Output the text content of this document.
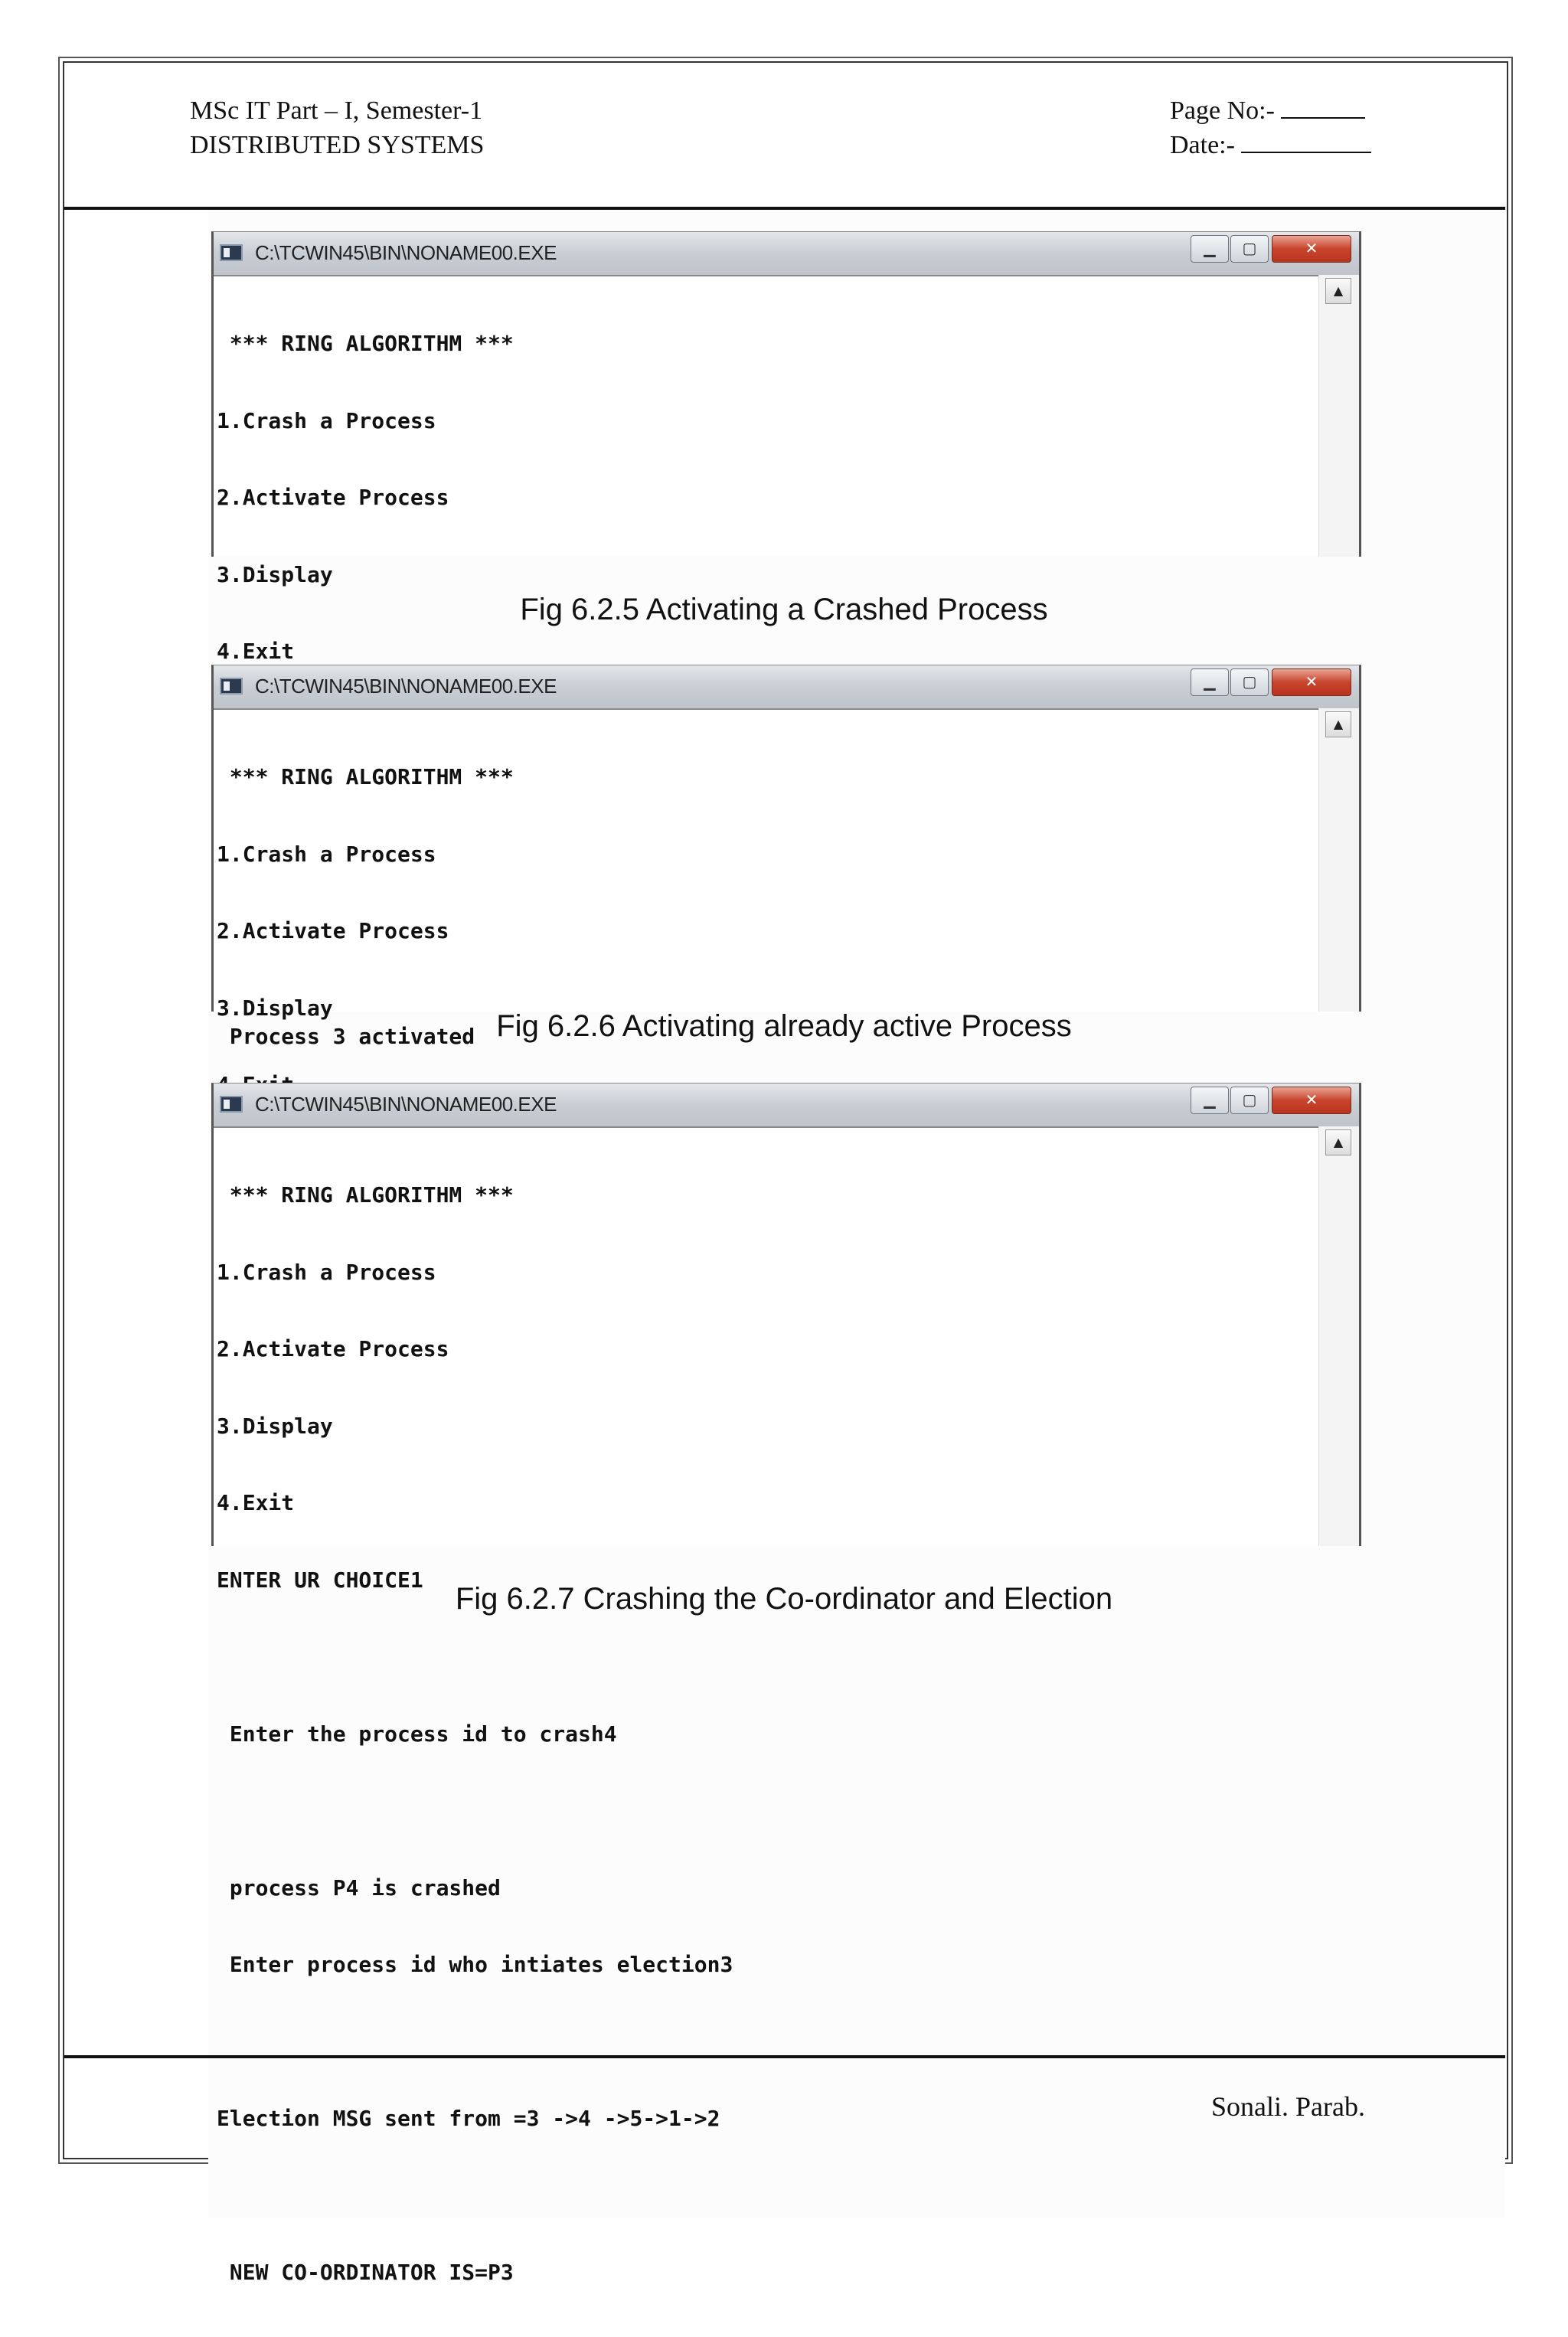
MSc IT Part – I, Semester-1
DISTRIBUTED SYSTEMS
Page No:-
Date:-
C:\TCWIN45\BIN\NONAME00.EXE	▁	▢	✕

*** RING ALGORITHM ***

1.Crash a Process

2.Activate Process

3.Display

4.Exit

Process 3 activated

▲
Fig 6.2.5 Activating a Crashed Process
C:\TCWIN45\BIN\NONAME00.EXE	▁	▢	✕

*** RING ALGORITHM ***

1.Crash a Process

2.Activate Process

3.Display

▲
Fig 6.2.6 Activating already active Process
C:\TCWIN45\BIN\NONAME00.EXE	▁	▢	✕

*** RING ALGORITHM ***

1.Crash a Process

2.Activate Process

3.Display

4.Exit

ENTER UR CHOICE1

Enter the process id to crash4

process P4 is crashed

Enter process id who intiates election3

Election MSG sent from =3 ->4 ->5->1->2

NEW CO-ORDINATOR IS=P3

▲
Fig 6.2.7 Crashing the Co-ordinator and Election
Sonali. Parab.
